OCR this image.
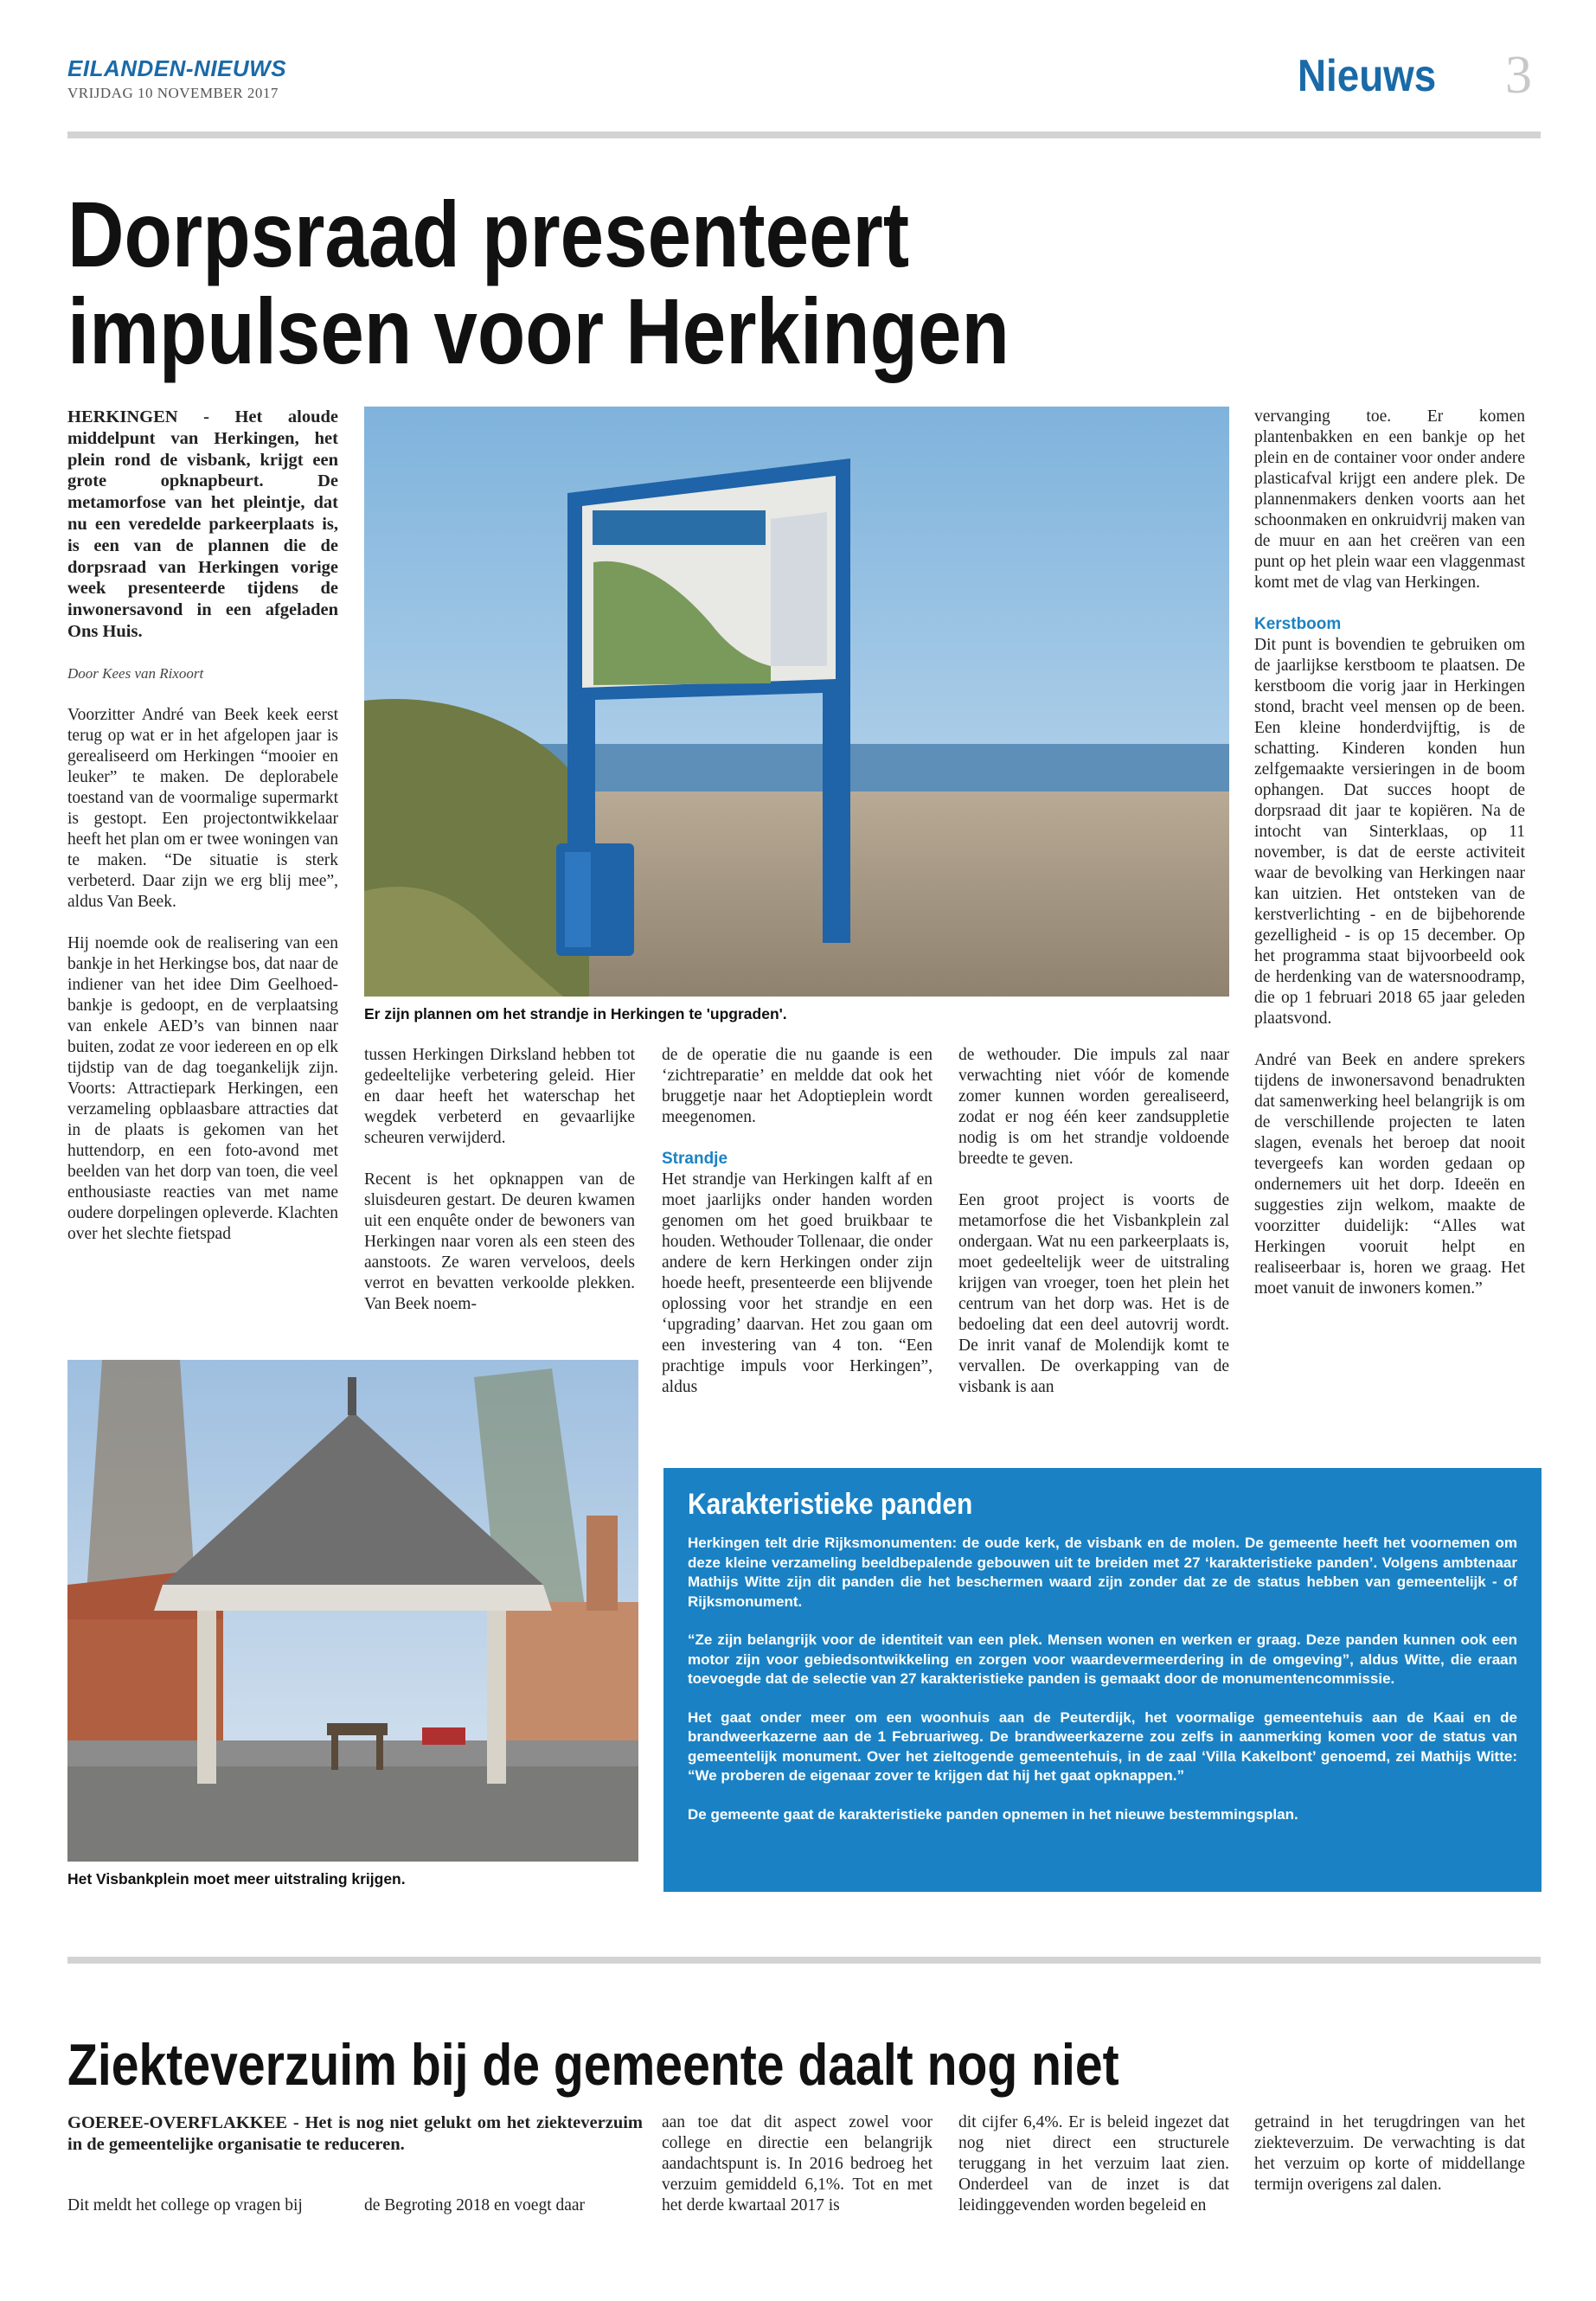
EILANDEN-NIEUWS
VRIJDAG 10 NOVEMBER 2017	Nieuws 3
Dorpsraad presenteert
impulsen voor Herkingen

HERKINGEN - Het aloude middelpunt van Herkingen, het plein rond de visbank, krijgt een grote opknapbeurt. De metamorfose van het pleintje, dat nu een veredelde parkeerplaats is, is een van de plannen die de dorpsraad van Herkingen vorige week presenteerde tijdens de inwonersavond in een afgeladen Ons Huis.

Door Kees van Rixoort

Voorzitter André van Beek keek eerst terug op wat er in het afgelopen jaar is gerealiseerd om Herkingen “mooier en leuker” te maken. De deplorabele toestand van de voormalige supermarkt is gestopt. Een projectontwikkelaar heeft het plan om er twee woningen van te maken. “De situatie is sterk verbeterd. Daar zijn we erg blij mee”, aldus Van Beek.

Hij noemde ook de realisering van een bankje in het Herkingse bos, dat naar de indiener van het idee Dim Geelhoed-bankje is gedoopt, en de verplaatsing van enkele AED’s van binnen naar buiten, zodat ze voor iedereen en op elk tijdstip van de dag toegankelijk zijn. Voorts: Attractiepark Herkingen, een verzameling opblaasbare attracties dat in de plaats is gekomen van het huttendorp, en een foto-avond met beelden van het dorp van toen, die veel enthousiaste reacties van met name oudere dorpelingen opleverde. Klachten over het slechte fietspad

Er zijn plannen om het strandje in Herkingen te 'upgraden'.

vervanging toe. Er komen plantenbakken en een bankje op het plein en de container voor onder andere plasticafval krijgt een andere plek. De plannenmakers denken voorts aan het schoonmaken en onkruidvrij maken van de muur en aan het creëren van een punt op het plein waar een vlaggenmast komt met de vlag van Herkingen.

Kerstboom

Dit punt is bovendien te gebruiken om de jaarlijkse kerstboom te plaatsen. De kerstboom die vorig jaar in Herkingen stond, bracht veel mensen op de been. Een kleine honderdvijftig, is de schatting. Kinderen konden hun zelfgemaakte versieringen in de boom ophangen. Dat succes hoopt de dorpsraad dit jaar te kopiëren. Na de intocht van Sinterklaas, op 11 november, is dat de eerste activiteit waar de bevolking van Herkingen naar kan uitzien. Het ontsteken van de kerstverlichting - en de bijbehorende gezelligheid - is op 15 december. Op het programma staat bijvoorbeeld ook de herdenking van de watersnoodramp, die op 1 februari 2018 65 jaar geleden plaatsvond.

André van Beek en andere sprekers tijdens de inwonersavond benadrukten dat samenwerking heel belangrijk is om de verschillende projecten te laten slagen, evenals het beroep dat nooit tevergeefs kan worden gedaan op ondernemers uit het dorp. Ideeën en suggesties zijn welkom, maakte de voorzitter duidelijk: “Alles wat Herkingen vooruit helpt en realiseerbaar is, horen we graag. Het moet vanuit de inwoners komen.”

tussen Herkingen Dirksland hebben tot gedeeltelijke verbetering geleid. Hier en daar heeft het waterschap het wegdek verbeterd en gevaarlijke scheuren verwijderd.

Recent is het opknappen van de sluisdeuren gestart. De deuren kwamen uit een enquête onder de bewoners van Herkingen naar voren als een steen des aanstoots. Ze waren verveloos, deels verrot en bevatten verkoolde plekken. Van Beek noem-

de de operatie die nu gaande is een ‘zichtreparatie’ en meldde dat ook het bruggetje naar het Adoptieplein wordt meegenomen.

Strandje

Het strandje van Herkingen kalft af en moet jaarlijks onder handen worden genomen om het goed bruikbaar te houden. Wethouder Tollenaar, die onder andere de kern Herkingen onder zijn hoede heeft, presenteerde een blijvende oplossing voor het strandje en een ‘upgrading’ daarvan. Het zou gaan om een investering van 4 ton. “Een prachtige impuls voor Herkingen”, aldus

de wethouder. Die impuls zal naar verwachting niet vóór de komende zomer kunnen worden gerealiseerd, zodat er nog één keer zandsuppletie nodig is om het strandje voldoende breedte te geven.

Een groot project is voorts de metamorfose die het Visbankplein zal ondergaan. Wat nu een parkeerplaats is, moet gedeeltelijk weer de uitstraling krijgen van vroeger, toen het plein het centrum van het dorp was. Het is de bedoeling dat een deel autovrij wordt. De inrit vanaf de Molendijk komt te vervallen. De overkapping van de visbank is aan

Het Visbankplein moet meer uitstraling krijgen.
Karakteristieke panden

Herkingen telt drie Rijksmonumenten: de oude kerk, de visbank en de molen. De gemeente heeft het voornemen om deze kleine verzameling beeldbepalende gebouwen uit te breiden met 27 ‘karakteristieke panden’. Volgens ambtenaar Mathijs Witte zijn dit panden die het beschermen waard zijn zonder dat ze de status hebben van gemeentelijk - of Rijksmonument.

“Ze zijn belangrijk voor de identiteit van een plek. Mensen wonen en werken er graag. Deze panden kunnen ook een motor zijn voor gebiedsontwikkeling en zorgen voor waardevermeerdering in de omgeving”, aldus Witte, die eraan toevoegde dat de selectie van 27 karakteristieke panden is gemaakt door de monumentencommissie.

Het gaat onder meer om een woonhuis aan de Peuterdijk, het voormalige gemeentehuis aan de Kaai en de brandweerkazerne aan de 1 Februariweg. De brandweerkazerne zou zelfs in aanmerking komen voor de status van gemeentelijk monument. Over het zieltogende gemeentehuis, in de zaal ‘Villa Kakelbont’ genoemd, zei Mathijs Witte: “We proberen de eigenaar zover te krijgen dat hij het gaat opknappen.”

De gemeente gaat de karakteristieke panden opnemen in het nieuwe bestemmingsplan.

Ziekteverzuim bij de gemeente daalt nog niet

GOEREE-OVERFLAKKEE - Het is nog niet gelukt om het ziekteverzuim in de gemeentelijke organisatie te reduceren.

Dit meldt het college op vragen bij	de Begroting 2018 en voegt daar

aan toe dat dit aspect zowel voor college en directie een belangrijk aandachtspunt is. In 2016 bedroeg het verzuim gemiddeld 6,1%. Tot en met het derde kwartaal 2017 is

dit cijfer 6,4%. Er is beleid ingezet dat nog niet direct een structurele teruggang in het verzuim laat zien. Onderdeel van de inzet is dat leidinggevenden worden begeleid en

getraind in het terugdringen van het ziekteverzuim. De verwachting is dat het verzuim op korte of middellange termijn overigens zal dalen.
